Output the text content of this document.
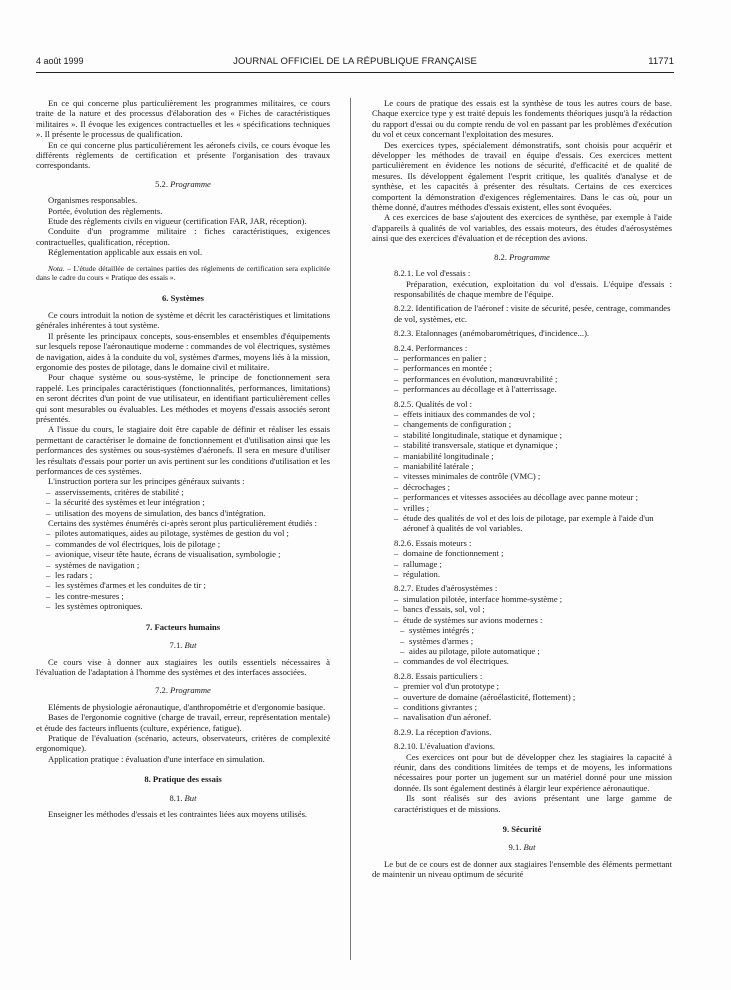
4 août 1999	JOURNAL OFFICIEL DE LA RÉPUBLIQUE FRANÇAISE	11771

En ce qui concerne plus particulièrement les programmes militaires, ce cours traite de la nature et des processus d'élaboration des « Fiches de caractéristiques militaires ». Il évoque les exigences contractuelles et les « spécifications techniques ». Il présente le processus de qualification.

En ce qui concerne plus particulièrement les aéronefs civils, ce cours évoque les différents règlements de certification et présente l'organisation des travaux correspondants.

5.2. Programme

Organismes responsables.

Portée, évolution des règlements.

Etude des règlements civils en vigueur (certification FAR, JAR, réception).

Conduite d'un programme militaire : fiches caractéristiques, exigences contractuelles, qualification, réception.

Réglementation applicable aux essais en vol.

Nota. – L'étude détaillée de certaines parties des règlements de certification sera explicitée dans le cadre du cours « Pratique des essais ».

6. Systèmes

Ce cours introduit la notion de système et décrit les caractéristiques et limitations générales inhérentes à tout système.

Il présente les principaux concepts, sous-ensembles et ensembles d'équipements sur lesquels repose l'aéronautique moderne : commandes de vol électriques, systèmes de navigation, aides à la conduite du vol, systèmes d'armes, moyens liés à la mission, ergonomie des postes de pilotage, dans le domaine civil et militaire.

Pour chaque système ou sous-système, le principe de fonctionnement sera rappelé. Les principales caractéristiques (fonctionnalités, performances, limitations) en seront décrites d'un point de vue utilisateur, en identifiant particulièrement celles qui sont mesurables ou évaluables. Les méthodes et moyens d'essais associés seront présentés.

A l'issue du cours, le stagiaire doit être capable de définir et réaliser les essais permettant de caractériser le domaine de fonctionnement et d'utilisation ainsi que les performances des systèmes ou sous-systèmes d'aéronefs. Il sera en mesure d'utiliser les résultats d'essais pour porter un avis pertinent sur les conditions d'utilisation et les performances de ces systèmes.

L'instruction portera sur les principes généraux suivants :

– asservissements, critères de stabilité ;
– la sécurité des systèmes et leur intégration ;
– utilisation des moyens de simulation, des bancs d'intégration.

Certains des systèmes énumérés ci-après seront plus particulièrement étudiés :

– pilotes automatiques, aides au pilotage, systèmes de gestion du vol ;
– commandes de vol électriques, lois de pilotage ;
– avionique, viseur tête haute, écrans de visualisation, symbologie ;
– systèmes de navigation ;
– les radars ;
– les systèmes d'armes et les conduites de tir ;
– les contre-mesures ;
– les systèmes optroniques.
7. Facteurs humains
7.1. But

Ce cours vise à donner aux stagiaires les outils essentiels nécessaires à l'évaluation de l'adaptation à l'homme des systèmes et des interfaces associées.

7.2. Programme

Eléments de physiologie aéronautique, d'anthropométrie et d'ergonomie basique.

Bases de l'ergonomie cognitive (charge de travail, erreur, représentation mentale) et étude des facteurs influents (culture, expérience, fatigue).

Pratique de l'évaluation (scénario, acteurs, observateurs, critères de complexité ergonomique).

Application pratique : évaluation d'une interface en simulation.

8. Pratique des essais
8.1. But

Enseigner les méthodes d'essais et les contraintes liées aux moyens utilisés.

Le cours de pratique des essais est la synthèse de tous les autres cours de base. Chaque exercice type y est traité depuis les fondements théoriques jusqu'à la rédaction du rapport d'essai ou du compte rendu de vol en passant par les problèmes d'exécution du vol et ceux concernant l'exploitation des mesures.

Des exercices types, spécialement démonstratifs, sont choisis pour acquérir et développer les méthodes de travail en équipe d'essais. Ces exercices mettent particulièrement en évidence les notions de sécurité, d'efficacité et de qualité de mesures. Ils développent également l'esprit critique, les qualités d'analyse et de synthèse, et les capacités à présenter des résultats. Certains de ces exercices comportent la démonstration d'exigences réglementaires. Dans le cas où, pour un thème donné, d'autres méthodes d'essais existent, elles sont évoquées.

A ces exercices de base s'ajoutent des exercices de synthèse, par exemple à l'aide d'appareils à qualités de vol variables, des essais moteurs, des études d'aérosystèmes ainsi que des exercices d'évaluation et de réception des avions.

8.2. Programme
8.2.1. Le vol d'essais :

Préparation, exécution, exploitation du vol d'essais. L'équipe d'essais : responsabilités de chaque membre de l'équipe.

8.2.2. Identification de l'aéronef : visite de sécurité, pesée, centrage, commandes de vol, systèmes, etc.
8.2.3. Etalonnages (anémobarométriques, d'incidence...).
8.2.4. Performances :
– performances en palier ;
– performances en montée ;
– performances en évolution, manœuvrabilité ;
– performances au décollage et à l'atterrissage.
8.2.5. Qualités de vol :
– effets initiaux des commandes de vol ;
– changements de configuration ;
– stabilité longitudinale, statique et dynamique ;
– stabilité transversale, statique et dynamique ;
– maniabilité longitudinale ;
– maniabilité latérale ;
– vitesses minimales de contrôle (VMC) ;
– décrochages ;
– performances et vitesses associées au décollage avec panne moteur ;
– vrilles ;
– étude des qualités de vol et des lois de pilotage, par exemple à l'aide d'un aéronef à qualités de vol variables.
8.2.6. Essais moteurs :
– domaine de fonctionnement ;
– rallumage ;
– régulation.
8.2.7. Etudes d'aérosystèmes :
– simulation pilotée, interface homme-système ;
– bancs d'essais, sol, vol ;
– étude de systèmes sur avions modernes :
– systèmes intégrés ;
– systèmes d'armes ;
– aides au pilotage, pilote automatique ;
– commandes de vol électriques.
8.2.8. Essais particuliers :
– premier vol d'un prototype ;
– ouverture de domaine (aéroélasticité, flottement) ;
– conditions givrantes ;
– navalisation d'un aéronef.
8.2.9. La réception d'avions.
8.2.10. L'évaluation d'avions.

Ces exercices ont pour but de développer chez les stagiaires la capacité à réunir, dans des conditions limitées de temps et de moyens, les informations nécessaires pour porter un jugement sur un matériel donné pour une mission donnée. Ils sont également destinés à élargir leur expérience aéronautique.

Ils sont réalisés sur des avions présentant une large gamme de caractéristiques et de missions.

9. Sécurité
9.1. But

Le but de ce cours est de donner aux stagiaires l'ensemble des éléments permettant de maintenir un niveau optimum de sécurité
